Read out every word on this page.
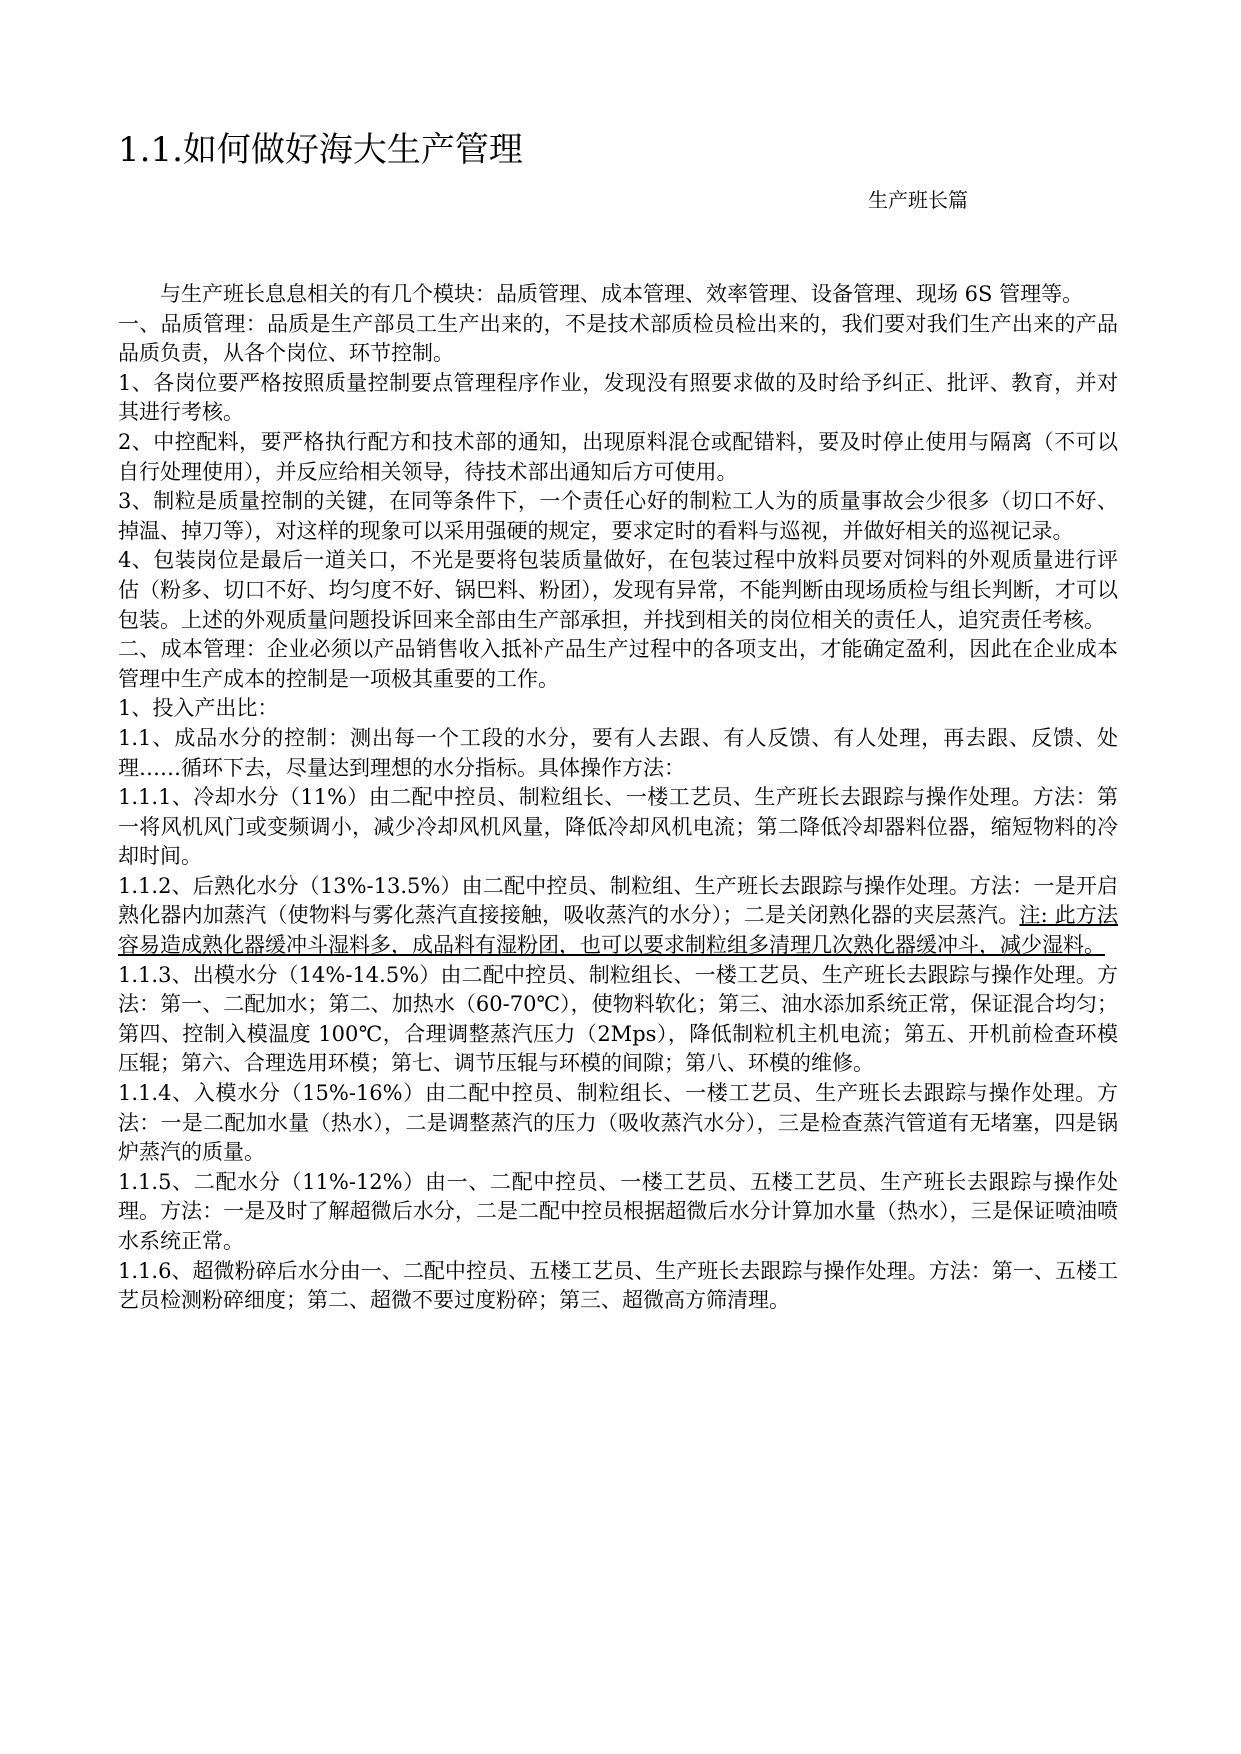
1.1.如何做好海大生产管理
生产班长篇

与生产班长息息相关的有几个模块：品质管理、成本管理、效率管理、设备管理、现场 6S 管理等。

一、品质管理：品质是生产部员工生产出来的，不是技术部质检员检出来的，我们要对我们生产出来的产品品质负责，从各个岗位、环节控制。

1、各岗位要严格按照质量控制要点管理程序作业，发现没有照要求做的及时给予纠正、批评、教育，并对其进行考核。

2、中控配料，要严格执行配方和技术部的通知，出现原料混仓或配错料，要及时停止使用与隔离（不可以自行处理使用），并反应给相关领导，待技术部出通知后方可使用。

3、制粒是质量控制的关键，在同等条件下，一个责任心好的制粒工人为的质量事故会少很多（切口不好、掉温、掉刀等），对这样的现象可以采用强硬的规定，要求定时的看料与巡视，并做好相关的巡视记录。

4、包装岗位是最后一道关口，不光是要将包装质量做好，在包装过程中放料员要对饲料的外观质量进行评估（粉多、切口不好、均匀度不好、锅巴料、粉团），发现有异常，不能判断由现场质检与组长判断，才可以包装。上述的外观质量问题投诉回来全部由生产部承担，并找到相关的岗位相关的责任人，追究责任考核。

二、成本管理：企业必须以产品销售收入抵补产品生产过程中的各项支出，才能确定盈利，因此在企业成本管理中生产成本的控制是一项极其重要的工作。

1、投入产出比：

1.1、成品水分的控制：测出每一个工段的水分，要有人去跟、有人反馈、有人处理，再去跟、反馈、处理……循环下去，尽量达到理想的水分指标。具体操作方法：

1.1.1、冷却水分（11%）由二配中控员、制粒组长、一楼工艺员、生产班长去跟踪与操作处理。方法：第一将风机风门或变频调小，减少冷却风机风量，降低冷却风机电流；第二降低冷却器料位器，缩短物料的冷却时间。

1.1.2、后熟化水分（13%-13.5%）由二配中控员、制粒组、生产班长去跟踪与操作处理。方法：一是开启熟化器内加蒸汽（使物料与雾化蒸汽直接接触，吸收蒸汽的水分）；二是关闭熟化器的夹层蒸汽。注: 此方法容易造成熟化器缓冲斗湿料多，成品料有湿粉团，也可以要求制粒组多清理几次熟化器缓冲斗，减少湿料。

1.1.3、出模水分（14%-14.5%）由二配中控员、制粒组长、一楼工艺员、生产班长去跟踪与操作处理。方法：第一、二配加水；第二、加热水（60-70℃），使物料软化；第三、油水添加系统正常，保证混合均匀；第四、控制入模温度 100℃，合理调整蒸汽压力（2Mps），降低制粒机主机电流；第五、开机前检查环模压辊；第六、合理选用环模；第七、调节压辊与环模的间隙；第八、环模的维修。

1.1.4、入模水分（15%-16%）由二配中控员、制粒组长、一楼工艺员、生产班长去跟踪与操作处理。方法：一是二配加水量（热水），二是调整蒸汽的压力（吸收蒸汽水分），三是检查蒸汽管道有无堵塞，四是锅炉蒸汽的质量。

1.1.5、二配水分（11%-12%）由一、二配中控员、一楼工艺员、五楼工艺员、生产班长去跟踪与操作处理。方法：一是及时了解超微后水分，二是二配中控员根据超微后水分计算加水量（热水），三是保证喷油喷水系统正常。

1.1.6、超微粉碎后水分由一、二配中控员、五楼工艺员、生产班长去跟踪与操作处理。方法：第一、五楼工艺员检测粉碎细度；第二、超微不要过度粉碎；第三、超微高方筛清理。
